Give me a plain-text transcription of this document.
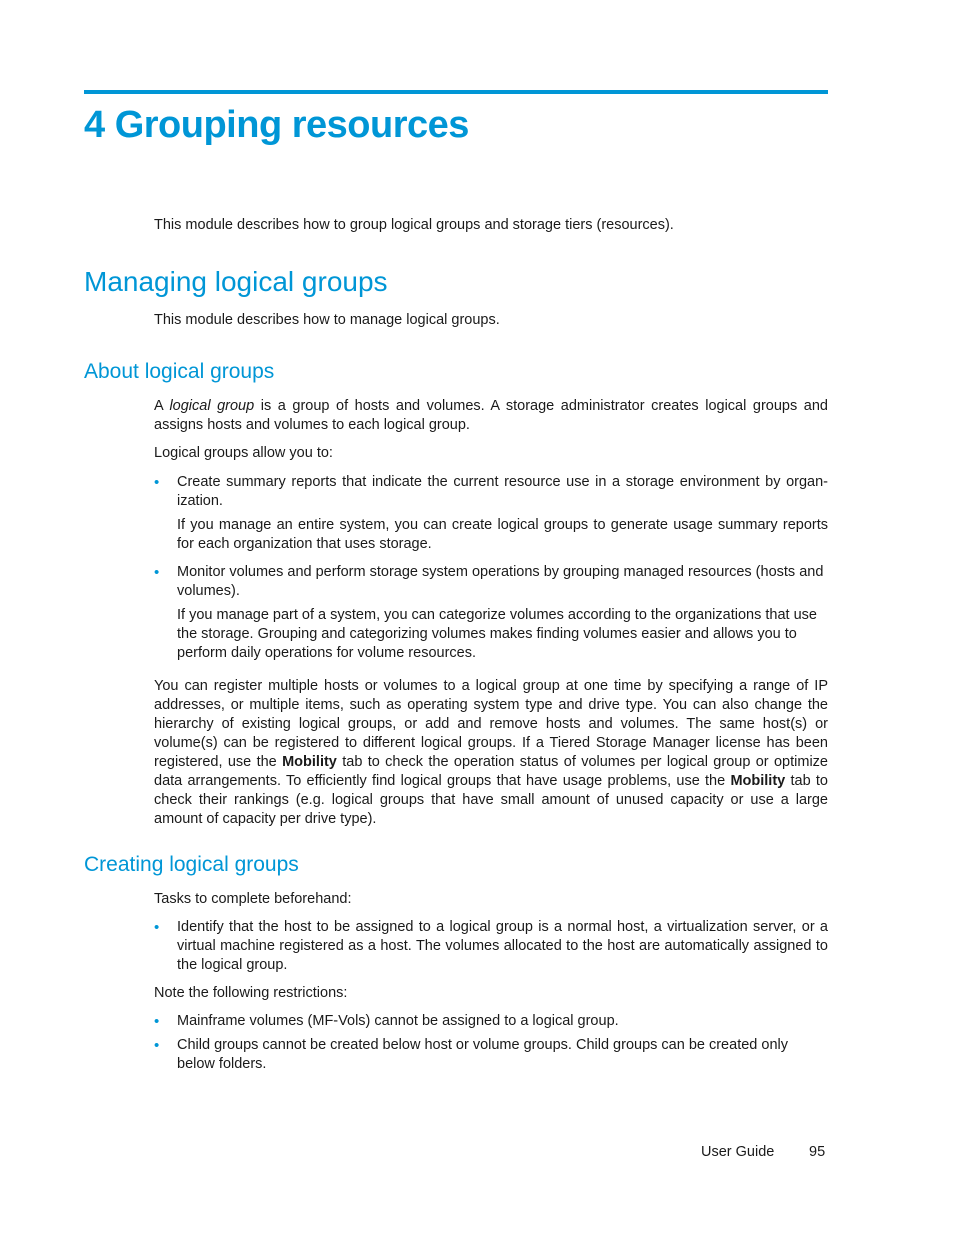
4 Grouping resources

This module describes how to group logical groups and storage tiers (resources).

Managing logical groups

This module describes how to manage logical groups.

About logical groups

A logical group is a group of hosts and volumes. A storage administrator creates logical groups and assigns hosts and volumes to each logical group.

Logical groups allow you to:

• Create summary reports that indicate the current resource use in a storage environment by organ-ization.

If you manage an entire system, you can create logical groups to generate usage summary reports for each organization that uses storage.

• Monitor volumes and perform storage system operations by grouping managed resources (hosts and volumes).

If you manage part of a system, you can categorize volumes according to the organizations that use the storage. Grouping and categorizing volumes makes finding volumes easier and allows you to perform daily operations for volume resources.

You can register multiple hosts or volumes to a logical group at one time by specifying a range of IP addresses, or multiple items, such as operating system type and drive type. You can also change the hierarchy of existing logical groups, or add and remove hosts and volumes. The same host(s) or volume(s) can be registered to different logical groups. If a Tiered Storage Manager license has been registered, use the Mobility tab to check the operation status of volumes per logical group or optimize data arrangements. To efficiently find logical groups that have usage problems, use the Mobility tab to check their rankings (e.g. logical groups that have small amount of unused capacity or use a large amount of capacity per drive type).

Creating logical groups

Tasks to complete beforehand:

• Identify that the host to be assigned to a logical group is a normal host, a virtualization server, or a virtual machine registered as a host. The volumes allocated to the host are automatically assigned to the logical group.

Note the following restrictions:

• Mainframe volumes (MF-Vols) cannot be assigned to a logical group.

• Child groups cannot be created below host or volume groups. Child groups can be created only below folders.

User Guide 95
